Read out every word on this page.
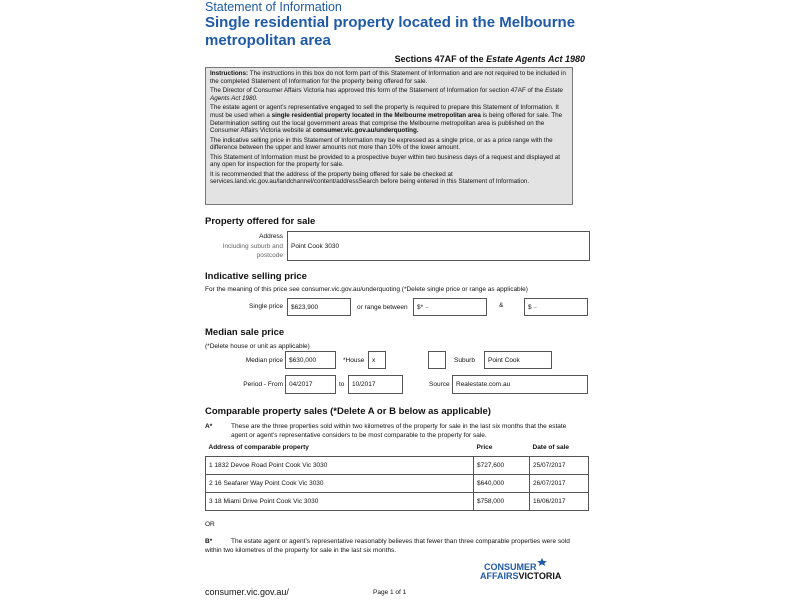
Statement of Information
Single residential property located in the Melbourne metropolitan area
Sections 47AF of the Estate Agents Act 1980

Instructions: The instructions in this box do not form part of this Statement of Information and are not required to be included in the completed Statement of Information for the property being offered for sale.

The Director of Consumer Affairs Victoria has approved this form of the Statement of Information for section 47AF of the Estate Agents Act 1980.

The estate agent or agent’s representative engaged to sell the property is required to prepare this Statement of Information. It must be used when a single residential property located in the Melbourne metropolitan area is being offered for sale. The Determination setting out the local government areas that comprise the Melbourne metropolitan area is published on the Consumer Affairs Victoria website at consumer.vic.gov.au/underquoting.

The indicative selling price in this Statement of Information may be expressed as a single price, or as a price range with the difference between the upper and lower amounts not more than 10% of the lower amount.

This Statement of Information must be provided to a prospective buyer within two business days of a request and displayed at any open for inspection for the property for sale.

It is recommended that the address of the property being offered for sale be checked at services.land.vic.gov.au/landchannel/content/addressSearch before being entered in this Statement of Information.

Property offered for sale
Address
Including suburb and postcode
Point Cook 3030
Indicative selling price
For the meaning of this price see consumer.vic.gov.au/underquoting (*Delete single price or range as applicable)
Single price $623,900	or range between $*
–	&	$
–
Median sale price
(*Delete house or unit as applicable)
Median price $630,000	*House x	Suburb Point Cook
Period - From 04/2017	to 10/2017	Source Realestate.com.au
Comparable property sales (*Delete A or B below as applicable)
A*	These are the three properties sold within two kilometres of the property for sale in the last six months that the estate agent or agent’s representative considers to be most comparable to the property for sale.
Address of comparable property	Price	Date of sale
1 1832 Devoe Road Point Cook Vic 3030	$727,600	25/07/2017
2 16 Seafarer Way Point Cook Vic 3030	$640,000	26/07/2017
3 18 Miami Drive Point Cook Vic 3030	$758,000	16/06/2017
OR
B*	The estate agent or agent’s representative reasonably believes that fewer than three comparable properties were sold within two kilometres of the property for sale in the last six months.
consumer.vic.gov.au/	Page 1 of 1
CONSUMER
AFFAIRSVICTORIA
